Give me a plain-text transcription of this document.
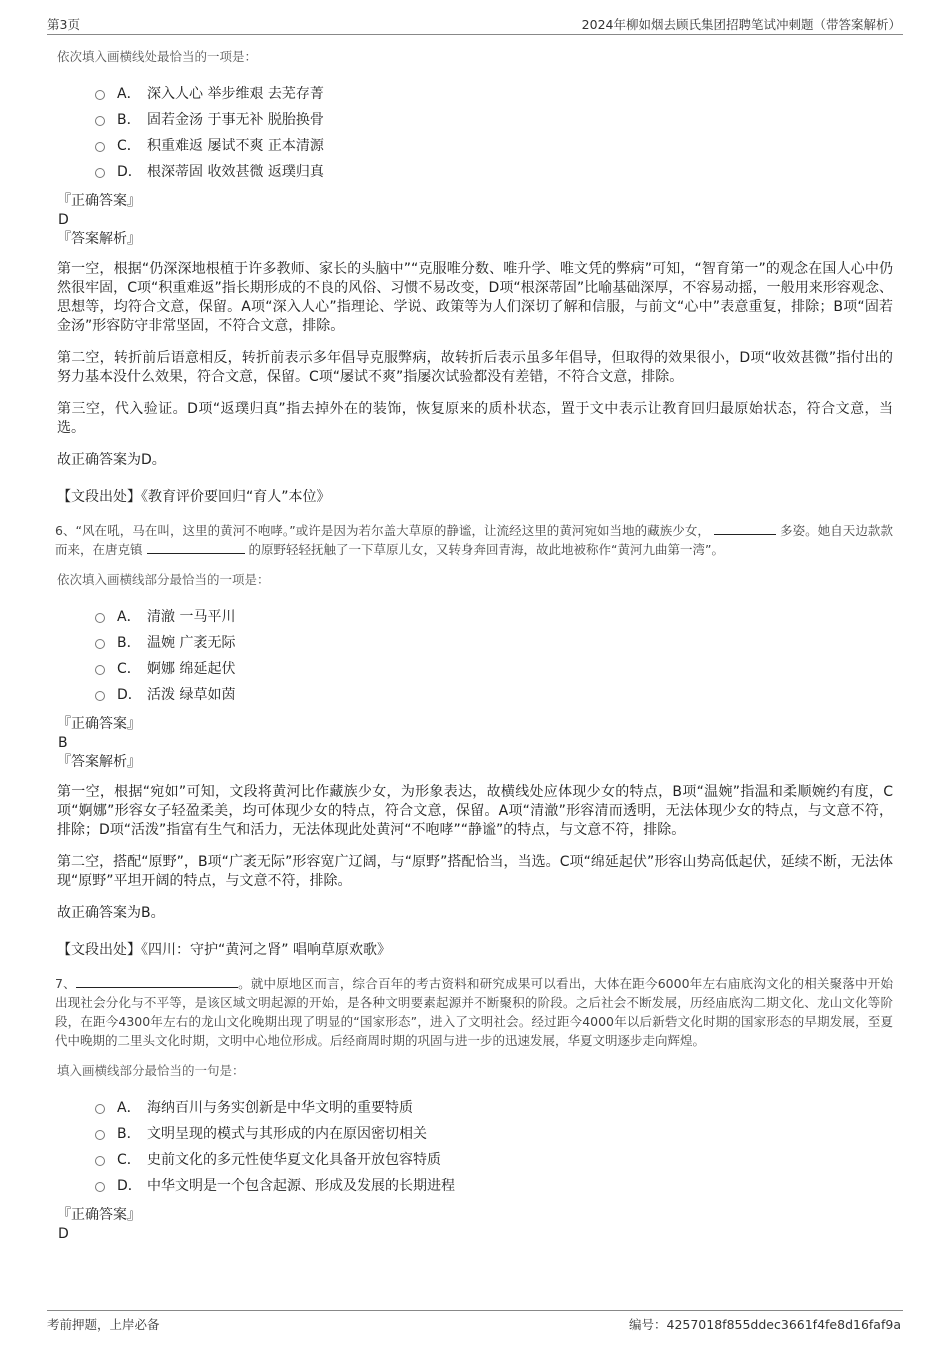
第3页	2024年柳如烟去顾氏集团招聘笔试冲刺题（带答案解析）

依次填入画横线处最恰当的一项是：

A． 深入人心 举步维艰 去芜存菁
B． 固若金汤 于事无补 脱胎换骨
C． 积重难返 屡试不爽 正本清源
D． 根深蒂固 收效甚微 返璞归真

『正确答案』

D

『答案解析』

第一空，根据“仍深深地根植于许多教师、家长的头脑中”“克服唯分数、唯升学、唯文凭的弊病”可知，“智育第一”的观念在国人心中仍然很牢固，C项“积重难返”指长期形成的不良的风俗、习惯不易改变，D项“根深蒂固”比喻基础深厚，不容易动摇，一般用来形容观念、思想等，均符合文意，保留。A项“深入人心”指理论、学说、政策等为人们深切了解和信服，与前文“心中”表意重复，排除；B项“固若金汤”形容防守非常坚固，不符合文意，排除。

第二空，转折前后语意相反，转折前表示多年倡导克服弊病，故转折后表示虽多年倡导，但取得的效果很小，D项“收效甚微”指付出的努力基本没什么效果，符合文意，保留。C项“屡试不爽”指屡次试验都没有差错，不符合文意，排除。

第三空，代入验证。D项“返璞归真”指去掉外在的装饰，恢复原来的质朴状态，置于文中表示让教育回归最原始状态，符合文意，当选。

故正确答案为D。

【文段出处】《教育评价要回归“育人”本位》

6、“风在吼，马在叫，这里的黄河不咆哮。”或许是因为若尔盖大草原的静谧，让流经这里的黄河宛如当地的藏族少女，	多姿。她自天边款款而来，在唐克镇	的原野轻轻抚触了一下草原儿女，又转身奔回青海，故此地被称作“黄河九曲第一湾”。

依次填入画横线部分最恰当的一项是：

A． 清澈 一马平川
B． 温婉 广袤无际
C． 婀娜 绵延起伏
D． 活泼 绿草如茵

『正确答案』

B

『答案解析』

第一空，根据“宛如”可知，文段将黄河比作藏族少女，为形象表达，故横线处应体现少女的特点，B项“温婉”指温和柔顺婉约有度，C项“婀娜”形容女子轻盈柔美，均可体现少女的特点，符合文意，保留。A项“清澈”形容清而透明，无法体现少女的特点，与文意不符，排除；D项“活泼”指富有生气和活力，无法体现此处黄河“不咆哮”“静谧”的特点，与文意不符，排除。

第二空，搭配“原野”，B项“广袤无际”形容宽广辽阔，与“原野”搭配恰当，当选。C项“绵延起伏”形容山势高低起伏，延续不断，无法体现“原野”平坦开阔的特点，与文意不符，排除。

故正确答案为B。

【文段出处】《四川：守护“黄河之肾” 唱响草原欢歌》

7、	。就中原地区而言，综合百年的考古资料和研究成果可以看出，大体在距今6000年左右庙底沟文化的相关聚落中开始出现社会分化与不平等，是该区域文明起源的开始，是各种文明要素起源并不断聚积的阶段。之后社会不断发展，历经庙底沟二期文化、龙山文化等阶段，在距今4300年左右的龙山文化晚期出现了明显的“国家形态”，进入了文明社会。经过距今4000年以后新砦文化时期的国家形态的早期发展，至夏代中晚期的二里头文化时期，文明中心地位形成。后经商周时期的巩固与进一步的迅速发展，华夏文明逐步走向辉煌。

填入画横线部分最恰当的一句是：

A． 海纳百川与务实创新是中华文明的重要特质
B． 文明呈现的模式与其形成的内在原因密切相关
C． 史前文化的多元性使华夏文化具备开放包容特质
D． 中华文明是一个包含起源、形成及发展的长期进程

『正确答案』

D

考前押题，上岸必备	编号：4257018f855ddec3661f4fe8d16faf9a
